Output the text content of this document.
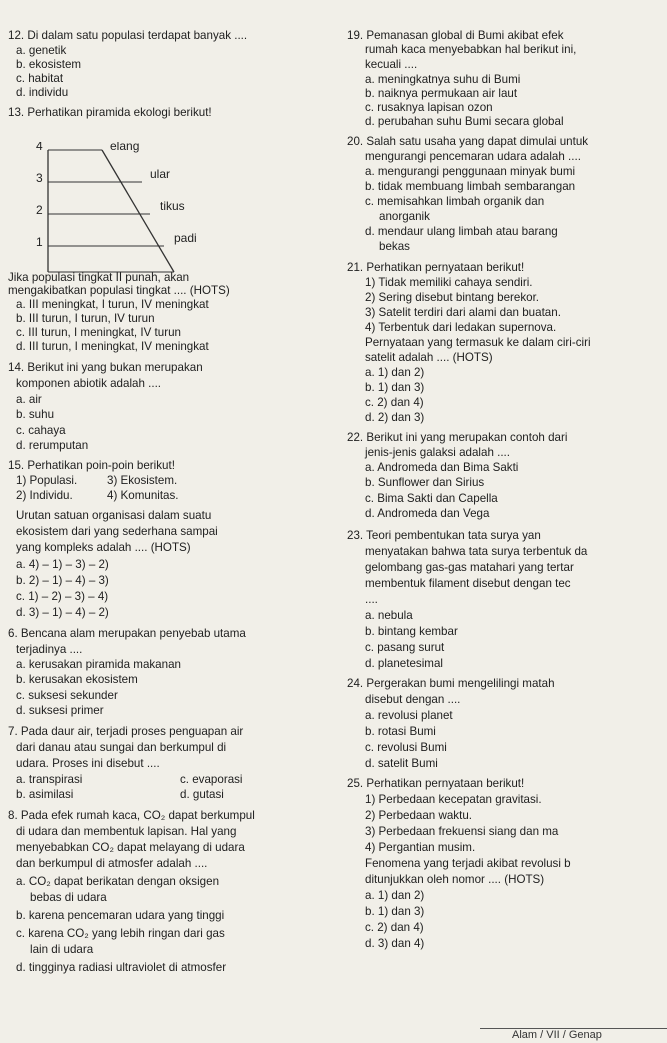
12. Di dalam satu populasi terdapat banyak ....
a. genetik
b. ekosistem
c. habitat
d. individu
13. Perhatikan piramida ekologi berikut!
4
3
2
1
elang
ular
tikus
padi
Jika populasi tingkat II punah, akan
mengakibatkan populasi tingkat .... (HOTS)
a. III meningkat, I turun, IV meningkat
b. III turun, I turun, IV turun
c. III turun, I meningkat, IV turun
d. III turun, I meningkat, IV meningkat
14. Berikut ini yang bukan merupakan
komponen abiotik adalah ....
a. air
b. suhu
c. cahaya
d. rerumputan
15. Perhatikan poin-poin berikut!
1) Populasi.	3) Ekosistem.
2) Individu.	4) Komunitas.
Urutan satuan organisasi dalam suatu
ekosistem dari yang sederhana sampai
yang kompleks adalah .... (HOTS)
a. 4) – 1) – 3) – 2)
b. 2) – 1) – 4) – 3)
c. 1) – 2) – 3) – 4)
d. 3) – 1) – 4) – 2)
6. Bencana alam merupakan penyebab utama
terjadinya ....
a. kerusakan piramida makanan
b. kerusakan ekosistem
c. suksesi sekunder
d. suksesi primer
7. Pada daur air, terjadi proses penguapan air
dari danau atau sungai dan berkumpul di
udara. Proses ini disebut ....
a. transpirasi	c. evaporasi
b. asimilasi	d. gutasi
8. Pada efek rumah kaca, CO₂ dapat berkumpul
di udara dan membentuk lapisan. Hal yang
menyebabkan CO₂ dapat melayang di udara
dan berkumpul di atmosfer adalah ....
a. CO₂ dapat berikatan dengan oksigen
bebas di udara
b. karena pencemaran udara yang tinggi
c. karena CO₂ yang lebih ringan dari gas
lain di udara
d. tingginya radiasi ultraviolet di atmosfer
19. Pemanasan global di Bumi akibat efek
rumah kaca menyebabkan hal berikut ini,
kecuali ....
a. meningkatnya suhu di Bumi
b. naiknya permukaan air laut
c. rusaknya lapisan ozon
d. perubahan suhu Bumi secara global
20. Salah satu usaha yang dapat dimulai untuk
mengurangi pencemaran udara adalah ....
a. mengurangi penggunaan minyak bumi
b. tidak membuang limbah sembarangan
c. memisahkan limbah organik dan
anorganik
d. mendaur ulang limbah atau barang
bekas
21. Perhatikan pernyataan berikut!
1) Tidak memiliki cahaya sendiri.
2) Sering disebut bintang berekor.
3) Satelit terdiri dari alami dan buatan.
4) Terbentuk dari ledakan supernova.
Pernyataan yang termasuk ke dalam ciri-ciri
satelit adalah .... (HOTS)
a. 1) dan 2)
b. 1) dan 3)
c. 2) dan 4)
d. 2) dan 3)
22. Berikut ini yang merupakan contoh dari
jenis-jenis galaksi adalah ....
a. Andromeda dan Bima Sakti
b. Sunflower dan Sirius
c. Bima Sakti dan Capella
d. Andromeda dan Vega
23. Teori pembentukan tata surya yan
menyatakan bahwa tata surya terbentuk da
gelombang gas-gas matahari yang tertar
membentuk filament disebut dengan tec
....
a. nebula
b. bintang kembar
c. pasang surut
d. planetesimal
24. Pergerakan bumi mengelilingi matah
disebut dengan ....
a. revolusi planet
b. rotasi Bumi
c. revolusi Bumi
d. satelit Bumi
25. Perhatikan pernyataan berikut!
1) Perbedaan kecepatan gravitasi.
2) Perbedaan waktu.
3) Perbedaan frekuensi siang dan ma
4) Pergantian musim.
Fenomena yang terjadi akibat revolusi b
ditunjukkan oleh nomor .... (HOTS)
a. 1) dan 2)
b. 1) dan 3)
c. 2) dan 4)
d. 3) dan 4)
Alam / VII / Genap
